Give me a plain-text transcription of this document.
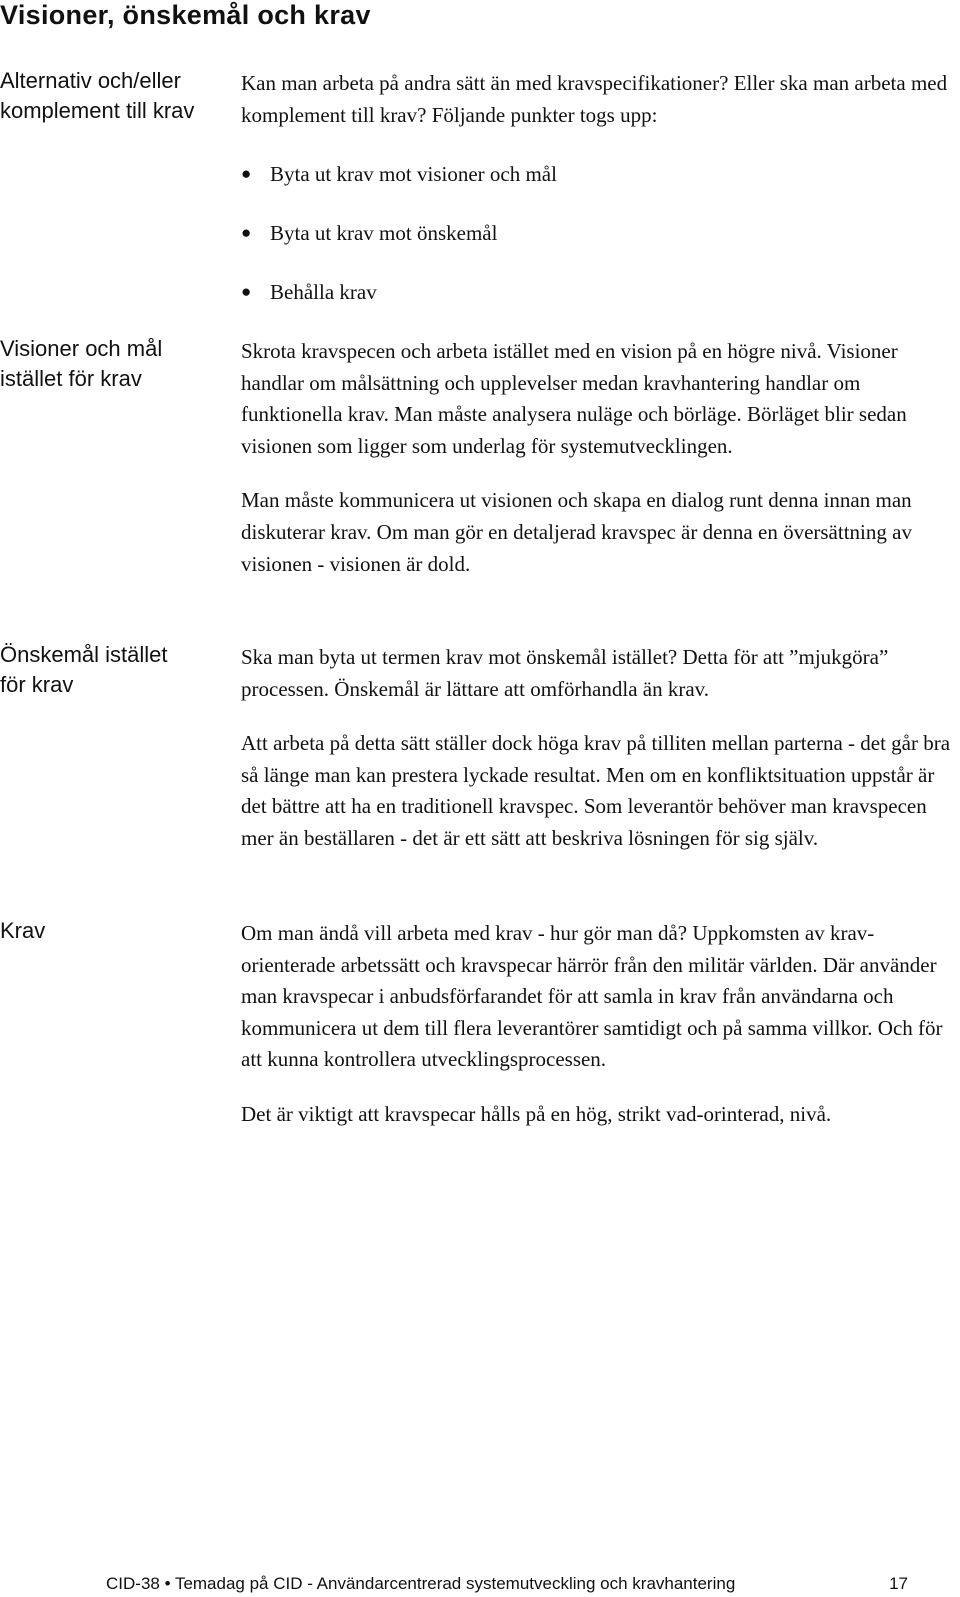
Visioner, önskemål och krav
Alternativ och/eller
komplement till krav

Kan man arbeta på andra sätt än med kravspecifikationer? Eller ska man arbeta med komplement till krav? Följande punkter togs upp:

● Byta ut krav mot visioner och mål
● Byta ut krav mot önskemål
● Behålla krav
Visioner och mål
istället för krav

Skrota kravspecen och arbeta istället med en vision på en högre nivå. Visioner handlar om målsättning och upplevelser medan kravhantering handlar om funktionella krav. Man måste analysera nuläge och börläge. Börläget blir sedan visionen som ligger som underlag för systemutvecklingen.

Man måste kommunicera ut visionen och skapa en dialog runt denna innan man diskuterar krav. Om man gör en detaljerad kravspec är denna en översättning av visionen - visionen är dold.

Önskemål istället
för krav

Ska man byta ut termen krav mot önskemål istället? Detta för att ”mjukgöra” processen. Önskemål är lättare att omförhandla än krav.

Att arbeta på detta sätt ställer dock höga krav på tilliten mellan parterna - det går bra så länge man kan prestera lyckade resultat. Men om en konfliktsituation uppstår är det bättre att ha en traditionell kravspec. Som leverantör behöver man kravspecen mer än beställaren - det är ett sätt att beskriva lösningen för sig själv.

Krav	Om man ändå vill arbeta med krav - hur gör man då? Uppkomsten av krav-orienterade arbetssätt och kravspecar härrör från den militär världen. Där använder man kravspecar i anbudsförfarandet för att samla in krav från användarna och kommunicera ut dem till flera leverantörer samtidigt och på samma villkor. Och för att kunna kontrollera utvecklingsprocessen.

Det är viktigt att kravspecar hålls på en hög, strikt vad-orinterad, nivå.

CID-38 • Temadag på CID - Användarcentrerad systemutveckling och kravhantering	17
